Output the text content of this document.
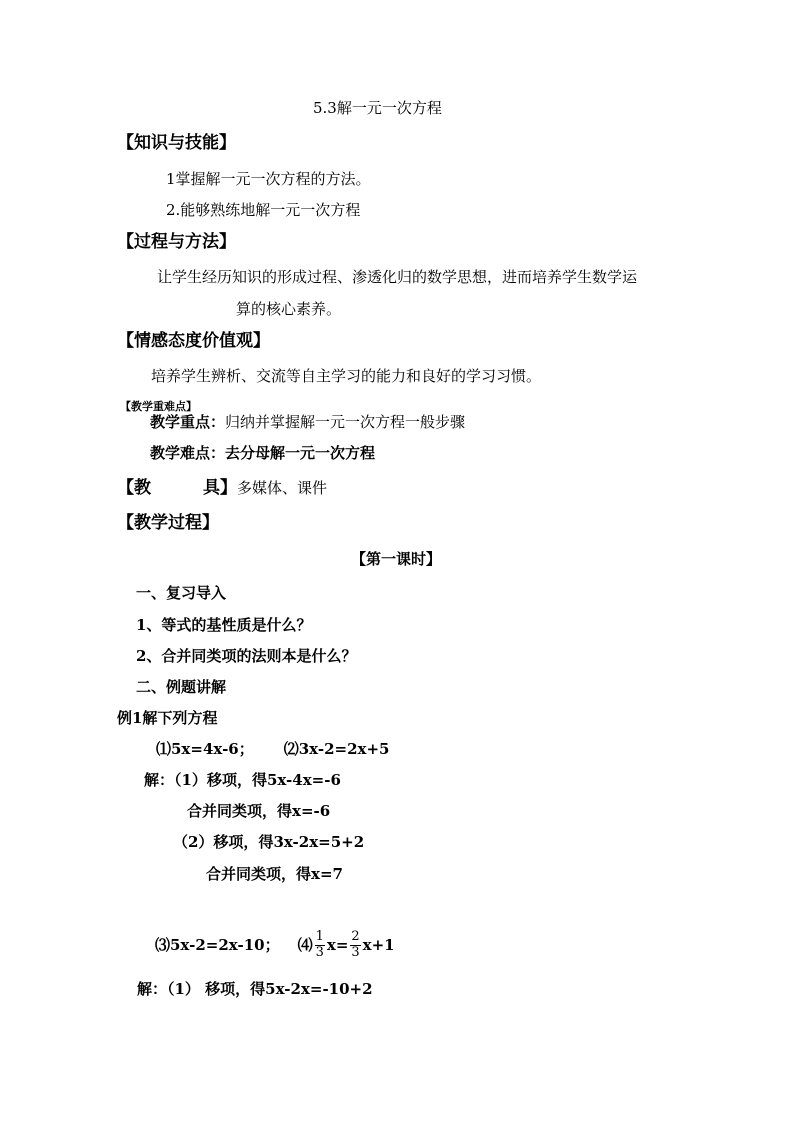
5.3解一元一次方程
【知识与技能】
1掌握解一元一次方程的方法。
2.能够熟练地解一元一次方程
【过程与方法】
让学生经历知识的形成过程、渗透化归的数学思想，进而培养学生数学运
算的核心素养。
【情感态度价值观】
培养学生辨析、交流等自主学习的能力和良好的学习习惯。
【教学重难点】
教学重点：归纳并掌握解一元一次方程一般步骤
教学难点：去分母解一元一次方程
【教	具】多媒体、课件
【教学过程】
【第一课时】
一、复习导入
1、等式的基性质是什么？
2、合并同类项的法则本是什么？
二、例题讲解
例1解下列方程
⑴5x=4x-6； ⑵3x-2=2x+5
解：（1）移项，得5x-4x=-6
合并同类项，得x=-6
（2）移项，得3x-2x=5+2
合并同类项，得x=7
⑶5x-2=2x-10； ⑷ $\frac{1}{3} x= \frac{2}{3} x+1$
解：（1） 移项，得5x-2x=-10+2
